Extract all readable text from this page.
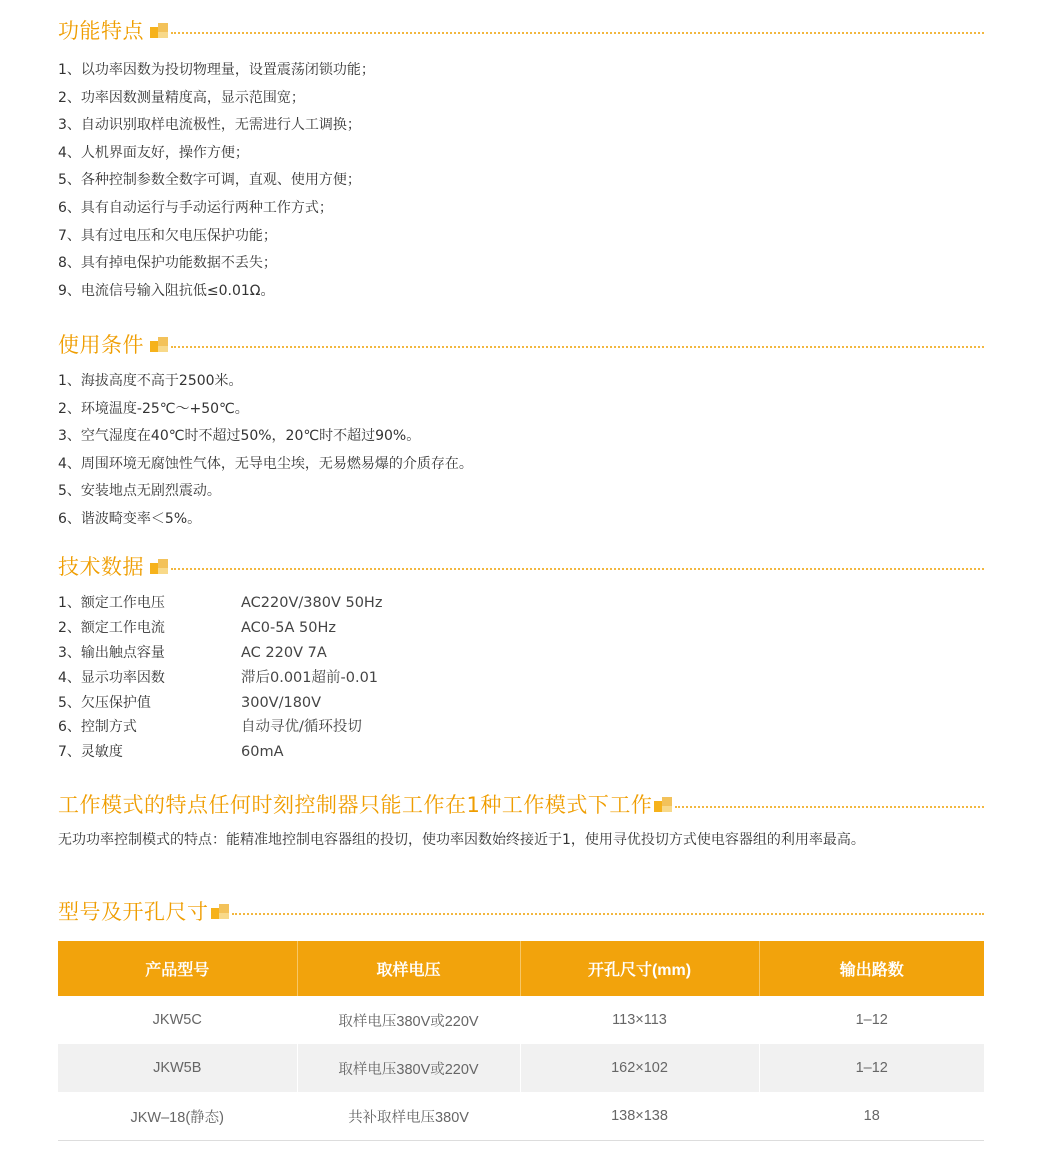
功能特点
1、以功率因数为投切物理量，设置震荡闭锁功能；
2、功率因数测量精度高，显示范围宽；
3、自动识别取样电流极性，无需进行人工调换；
4、人机界面友好，操作方便；
5、各种控制参数全数字可调，直观、使用方便；
6、具有自动运行与手动运行两种工作方式；
7、具有过电压和欠电压保护功能；
8、具有掉电保护功能数据不丢失；
9、电流信号输入阻抗低≤0.01Ω。
使用条件
1、海拔高度不高于2500米。
2、环境温度-25℃～+50℃。
3、空气湿度在40℃时不超过50%，20℃时不超过90%。
4、周围环境无腐蚀性气体，无导电尘埃，无易燃易爆的介质存在。
5、安装地点无剧烈震动。
6、谐波畸变率＜5%。
技术数据
1、额定工作电压	AC220V/380V 50Hz
2、额定工作电流	AC0-5A 50Hz
3、输出触点容量	AC 220V 7A
4、显示功率因数	滞后0.001超前-0.01
5、欠压保护值	300V/180V
6、控制方式	自动寻优/循环投切
7、灵敏度	60mA
工作模式的特点任何时刻控制器只能工作在1种工作模式下工作
无功功率控制模式的特点：能精准地控制电容器组的投切，使功率因数始终接近于1，使用寻优投切方式使电容器组的利用率最高。
型号及开孔尺寸
产品型号	取样电压	开孔尺寸(mm)	输出路数
JKW5C	取样电压380V或220V	113×113	1–12
JKW5B	取样电压380V或220V	162×102	1–12
JKW–18(静态)	共补取样电压380V	138×138	18
